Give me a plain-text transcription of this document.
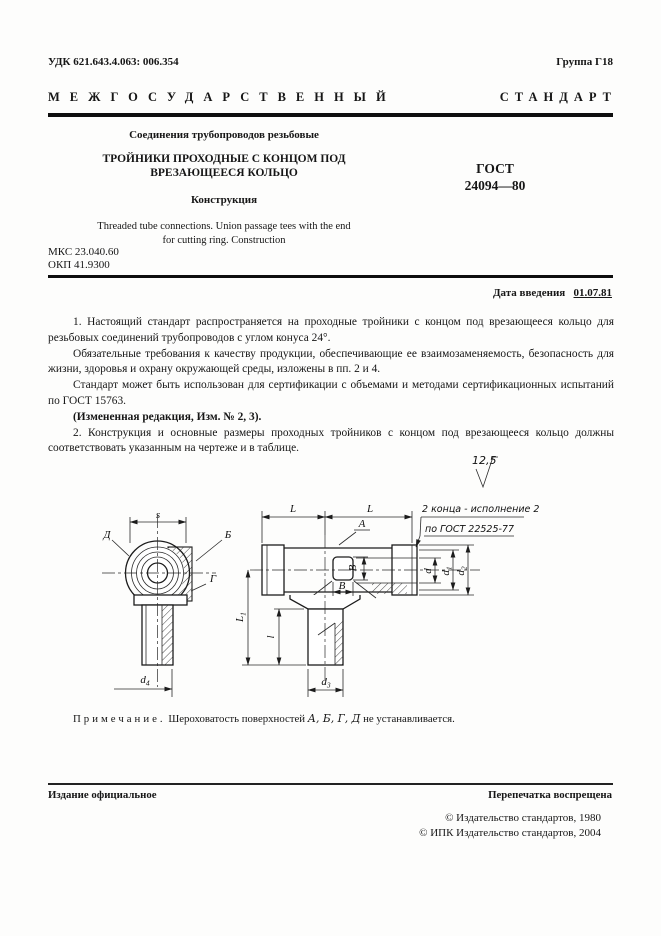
УДК 621.643.4.063: 006.354	Группа Г18
МЕЖГОСУДАРСТВЕННЫЙ	СТАНДАРТ
Соединения трубопроводов резьбовые
ТРОЙНИКИ ПРОХОДНЫЕ С КОНЦОМ ПОД
ВРЕЗАЮЩЕЕСЯ КОЛЬЦО
Конструкция
Threaded tube connections. Union passage tees with the end
for cutting ring. Construction
ГОСТ
24094—80
МКС 23.040.60
ОКП 41.9300
Дата введения 01.07.81

1. Настоящий стандарт распространяется на проходные тройники с концом под врезающееся кольцо для резьбовых соединений трубопроводов с углом конуса 24°.

Обязательные требования к качеству продукции, обеспечивающие ее взаимозаменяемость, безопасность для жизни, здоровья и охрану окружающей среды, изложены в пп. 2 и 4.

Стандарт может быть использован для сертификации с объемами и методами сертификационных испытаний по ГОСТ 15763.

(Измененная редакция, Изм. № 2, 3).

2. Конструкция и основные размеры проходных тройников с концом под врезающееся кольцо должны соответствовать указанным на чертеже и в таблице.

12,5
s
Д	Б
Г
$d_4$
L	L
A
2 конца - исполнение 2
по ГОСТ 22525-77
d $d_1$
$d_2$
$L_1$
l
$d_3$
В
В
Примечание. Шероховатость поверхностей А, Б, Г, Д не устанавливается.
Издание официальное	Перепечатка воспрещена
© Издательство стандартов, 1980
© ИПК Издательство стандартов, 2004
